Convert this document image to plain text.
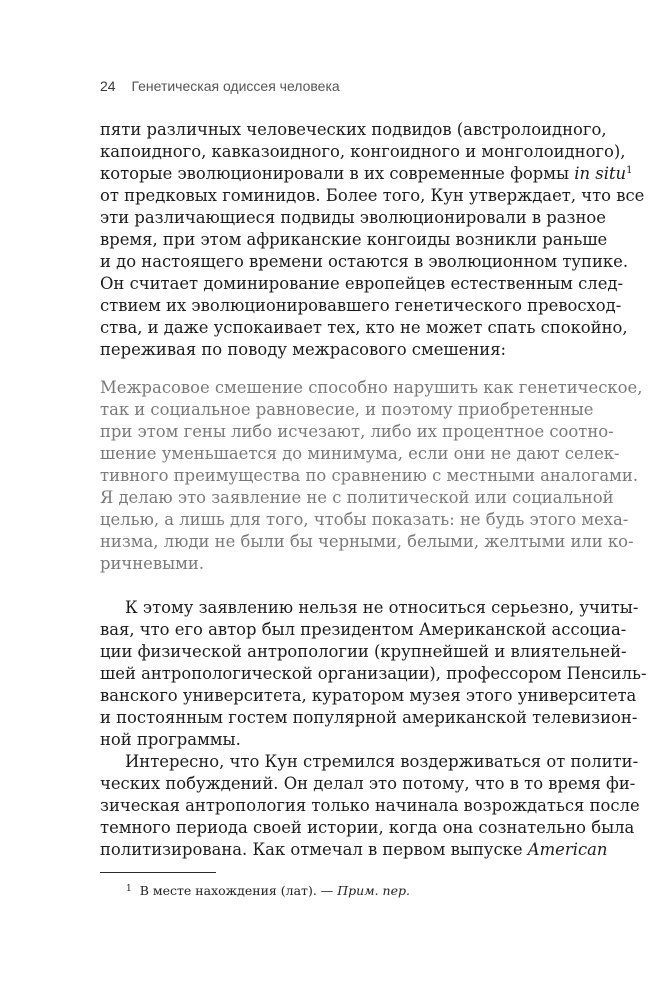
24 Генетическая одиссея человека
пяти различных человеческих подвидов (австролоидного,
капоидного, кавказоидного, конгоидного и монголоидного),
которые эволюционировали в их современные формы in situ$^1$
от предковых гоминидов. Более того, Кун утверждает, что все
эти различающиеся подвиды эволюционировали в разное
время, при этом африканские конгоиды возникли раньше
и до настоящего времени остаются в эволюционном тупике.
Он считает доминирование европейцев естественным след-
ствием их эволюционировавшего генетического превосход-
ства, и даже успокаивает тех, кто не может спать спокойно,
переживая по поводу межрасового смешения:
Межрасовое смешение способно нарушить как генетическое,
так и социальное равновесие, и поэтому приобретенные
при этом гены либо исчезают, либо их процентное соотно-
шение уменьшается до минимума, если они не дают селек-
тивного преимущества по сравнению с местными аналогами.
Я делаю это заявление не с политической или социальной
целью, а лишь для того, чтобы показать: не будь этого меха-
низма, люди не были бы черными, белыми, желтыми или ко-
ричневыми.
К этому заявлению нельзя не относиться серьезно, учиты-
вая, что его автор был президентом Американской ассоциа-
ции физической антропологии (крупнейшей и влиятельней-
шей антропологической организации), профессором Пенсиль-
ванского университета, куратором музея этого университета
и постоянным гостем популярной американской телевизион-
ной программы.
Интересно, что Кун стремился воздерживаться от полити-
ческих побуждений. Он делал это потому, что в то время фи-
зическая антропология только начинала возрождаться после
темного периода своей истории, когда она сознательно была
политизирована. Как отмечал в первом выпуске American
$^1$ В месте нахождения (лат). — Прим. пер.
